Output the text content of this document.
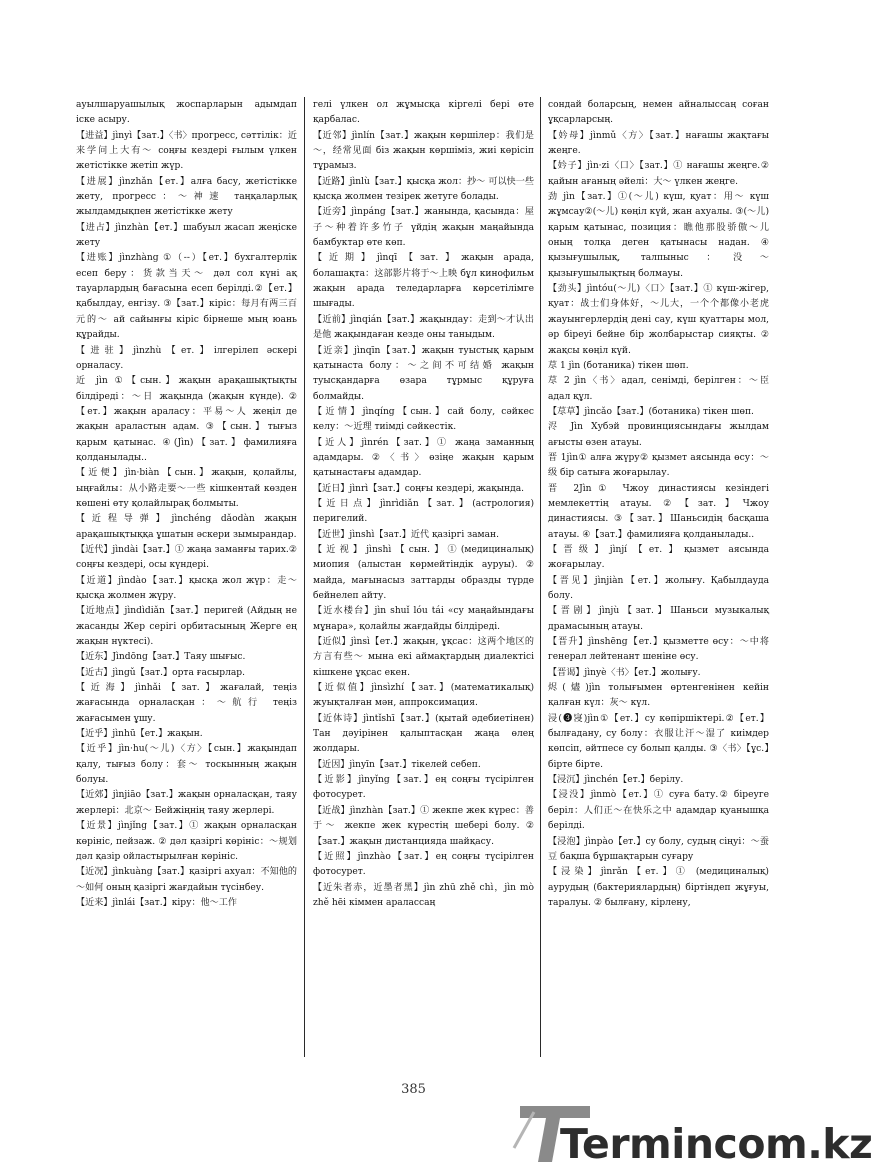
ауылшаруашылық жоспарларын адымдап іске асыру.

【进益】jìnyì【зат.】〈书〉прогресс, сәттілік：近来学问上大有～ соңғы кездері ғылым үлкен жетістікке жетіп жүр.

【进展】jìnzhǎn【ет.】алға басу, жетістікке жету, прогресс：～神速 таңқаларлық жылдамдықпен жетістікке жету

【进占】jìnzhàn【ет.】шабуыл жасап жеңіске жету

【进账】jìnzhàng ①（--）【ет.】бухгалтерлік есеп беру：货款当天～ дәл сол күні ақ тауарлардың бағасына есеп берілді.②【ет.】қабылдау, енгізу. ③【зат.】кіріс：每月有两三百元的～ ай сайынғы кіріс бірнеше мың юань құрайды.

【进驻】jìnzhù【ет.】ілгерілеп әскері орналасу.

近 jìn ①【сын.】жақын арақашықтықты білдіреді：～日 жақында (жақын күнде). ②【ет.】жақын араласу：平易～人 жеңіл де жақын араластын адам. ③【сын.】тығыз қарым қатынас. ④(Jìn)【зат.】фамилияға қолданылады..

【近便】jìn·biàn【сын.】жақын, қолайлы, ыңғайлы：从小路走要～一些 кішкентай көзден көшені өту қолайлырақ болмыты.

【近程导弹】jìnchéng dǎodàn жақын арақашықтыққа ұшатын әскери зымырандар.

【近代】jìndài【зат.】① жаңа заманғы тарих.② соңғы кездері, осы күндері.

【近道】jìndào【зат.】қысқа жол жүр：走～ қысқа жолмен жүру.

【近地点】jìndìdiǎn【зат.】перигей (Айдың не жасанды Жер серігі орбитасының Жерге ең жақын нүктесі).

【近东】Jìndōng【зат.】Таяу шығыс.

【近古】jìngǔ【зат.】орта ғасырлар.

【近海】jìnhǎi【зат.】жағалай, теңіз жағасында орналасқан：～航行 теңіз жағасымен ұшу.

【近乎】jìnhū【ет.】жақын.

【近乎】jìn·hu(～儿)〈方〉【сын.】жақындап қалу, тығыз болу：套～ тоскынның жақын болуы.

【近郊】jìnjiāo【зат.】жақын орналасқан, таяу жерлері：北京～ Бейжіңнің таяу жерлері.

【近景】jìnjǐng【зат.】① жақын орналасқан көрініс, пейзаж. ② дәл қазіргі көрініс：～规划 дәл қазір ойластырылған көрініс.

【近况】jìnkuàng【зат.】қазіргі ахуал：不知他的～如何 оның қазіргі жағдайын түсінбеу.

【近来】jìnlái【зат.】кіру：他～工作

гелі үлкен ол жұмысқа кіргелі бері өте қарбалас.

【近邻】jìnlín【зат.】жақын көршілер：我们是～，经常见面 біз жақын көршіміз, жиі көрісіп тұрамыз.

【近路】jìnlù【зат.】қысқа жол：抄～ 可以快一些 қысқа жолмен тезірек жетуге болады.

【近旁】jìnpáng【зат.】жанында, қасында：屋子～种着许多竹子 үйдің жақын маңайында бамбуктар өте көп.

【近期】jìnqī【зат.】жақын арада, болашақта：这部影片将于～上映 бұл кинофильм жақын арада теледарларға көрсетілімге шығады.

【近前】jìnqián【зат.】жақындау：走到～才认出是他 жақындаған кезде оны таныдым.

【近亲】jìnqīn【зат.】жақын туыстық қарым қатынаста болу：～之间不可结婚 жақын туысқандарға өзара тұрмыс құруға болмайды.

【近情】jìnqíng【сын.】сай болу, сәйкес келу：～近理 тиімді сәйкестік.

【近人】jìnrén【зат.】① жаңа заманның адамдары. ②〈书〉өзіңе жақын қарым қатынастағы адамдар.

【近日】jìnrì【зат.】соңғы кездері, жақында.

【近日点】jìnrìdiǎn【зат.】(астрология) перигелий.

【近世】jìnshì【зат.】近代 қазіргі заман.

【近视】jìnshì【сын.】①(медициналық) миопия (алыстан көрмейтіндік ауруы). ② майда, мағынасыз заттарды образды түрде бейнелеп айту.

【近水楼台】jìn shuǐ lóu tái «су маңайындағы мұнара», қолайлы жағдайды білдіреді.

【近似】jìnsì【ет.】жақын, ұқсас：这两个地区的方言有些～ мына екі аймақтардың диалектісі кішкене ұқсас екен.

【近似值】jìnsìzhí【зат.】(математикалық) жуықталған мән, аппроксимация.

【近体诗】jìntǐshī【зат.】(қытай әдебиетінен) Тан дәуірінен қалыптасқан жаңа өлең жолдары.

【近因】jìnyīn【зат.】тікелей себеп.

【近影】jìnyǐng【зат.】ең соңғы түсірілген фотосурет.

【近战】jìnzhàn【зат.】① жекпе жек күрес：善于～ жекпе жек күрестің шебері болу. ②【зат.】жақын дистанцияда шайқасу.

【近照】jìnzhào【зат.】ең соңғы түсірілген фотосурет.

【近朱者赤，近墨者黑】jìn zhū zhě chì，jìn mò zhě hēi кіммен аралассаң

сондай боларсың, немен айналыссаң соған ұқсарларсың.

【妗母】jìnmǔ〈方〉【зат.】нағашы жақтағы жеңге.

【妗子】jìn·zi〈口〉【зат.】① нағашы жеңге.② қайын ағаның әйелі：大～ үлкен жеңге.

劲 jìn【зат.】①(～儿) күш, қуат：用～ күш жұмсау②(～儿) көңіл күй, жан ахуалы. ③(～儿) қарым қатынас, позиция：瞧他那股骄傲～儿 оның толқа деген қатынасы надан. ④ қызығушылық, талпыныс：没～ қызығушылықтың болмауы.

【劲头】jìntóu(～儿)〈口〉【зат.】① күш-жігер, қуат：战士们身体好，～儿大，一个个都像小老虎 жауынгерлердің дені сау, күш қуаттары мол, әр біреуі бейне бір жолбарыстар сияқты. ② жақсы көңіл күй.

荩 1 jìn (ботаника) тікен шөп.

荩 2 jìn〈书〉адал, сенімді, берілген：～臣 адал құл.

【荩草】jìncǎo【зат.】(ботаника) тікен шөп.

浕 Jìn Хубэй провинциясындағы жылдам ағысты өзен атауы.

晋 1jìn① алға жүру② қызмет аясында өсу：～级 бір сатыға жоғарылау.

晋 2Jìn① Чжоу династиясы кезіндегі мемлекеттің атауы. ②【зат.】Чжоу династиясы. ③【зат.】Шаньсидің басқаша атауы. ④【зат.】фамилияға қолданылады..

【晋级】jìnjí【ет.】қызмет аясында жоғарылау.

【晋见】jìnjiàn【ет.】жолығу. Қабылдауда болу.

【晋剧】jìnjù【зат.】Шаньси музыкалық драмасының атауы.

【晋升】jìnshēng【ет.】қызметте өсу：～中将 генерал лейтенант шеніне өсу.

【晋谒】jìnyè〈书〉【ет.】жолығу.

烬(燼)jìn толығымен өртенгенінен кейін қалған күл：灰～ күл.

浸(❸寖)jìn①【ет.】су көпіршіктері.②【ет.】былғадану, су болу：衣服让汗～湿了 киімдер көпсіп, әйтпесе су болып қалды. ③〈书〉【ұс.】біртe біртe.

【浸沉】jìnchén【ет.】берілу.

【浸没】jìnmò【ет.】① суға бату.② біреуге беріл：人们正～在快乐之中 адамдар қуанышқа берілді.

【浸泡】jìnpào【ет.】су болу, судың сіңуі：～蚕豆 бақша бұршақтарын суғару

【浸染】jìnrǎn【ет.】① (медициналық) аурудың (бактериялардың) біртіндеп жұғуы, таралуы. ② былғану, кірлену,

385
Termincom.kz
